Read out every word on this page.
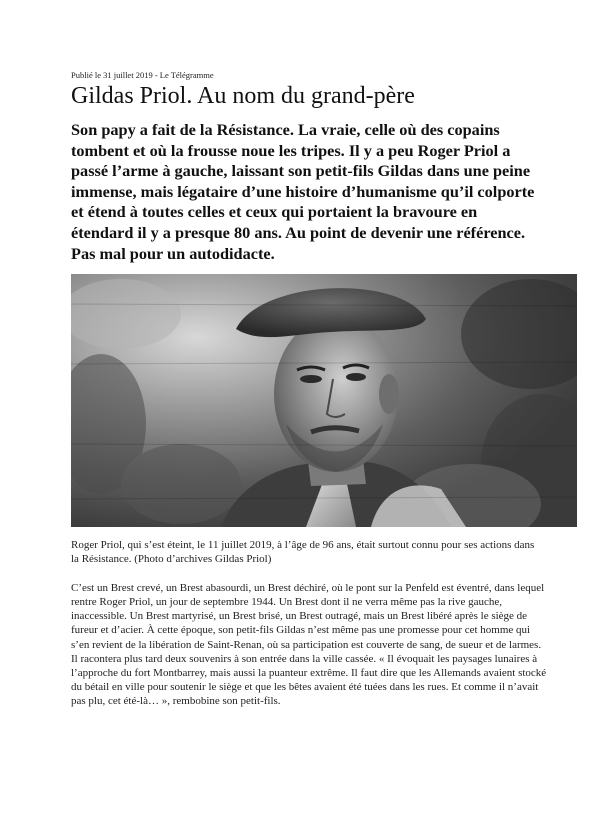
Publié le 31 juillet 2019 - Le Télégramme
Gildas Priol. Au nom du grand-père

Son papy a fait de la Résistance. La vraie, celle où des copains tombent et où la frousse noue les tripes. Il y a peu Roger Priol a passé l’arme à gauche, laissant son petit-fils Gildas dans une peine immense, mais légataire d’une histoire d’humanisme qu’il colporte et étend à toutes celles et ceux qui portaient la bravoure en étendard il y a presque 80 ans. Au point de devenir une référence. Pas mal pour un autodidacte.

Roger Priol, qui s’est éteint, le 11 juillet 2019, à l’âge de 96 ans, était surtout connu pour ses actions dans la Résistance. (Photo d’archives Gildas Priol)

C’est un Brest crevé, un Brest abasourdi, un Brest déchiré, où le pont sur la Penfeld est éventré, dans lequel rentre Roger Priol, un jour de septembre 1944. Un Brest dont il ne verra même pas la rive gauche, inaccessible. Un Brest martyrisé, un Brest brisé, un Brest outragé, mais un Brest libéré après le siège de fureur et d’acier. À cette époque, son petit-fils Gildas n’est même pas une promesse pour cet homme qui s’en revient de la libération de Saint-Renan, où sa participation est couverte de sang, de sueur et de larmes. Il racontera plus tard deux souvenirs à son entrée dans la ville cassée. « Il évoquait les paysages lunaires à l’approche du fort Montbarrey, mais aussi la puanteur extrême. Il faut dire que les Allemands avaient stocké du bétail en ville pour soutenir le siège et que les bêtes avaient été tuées dans les rues. Et comme il n’avait pas plu, cet été-là… », rembobine son petit-fils.
